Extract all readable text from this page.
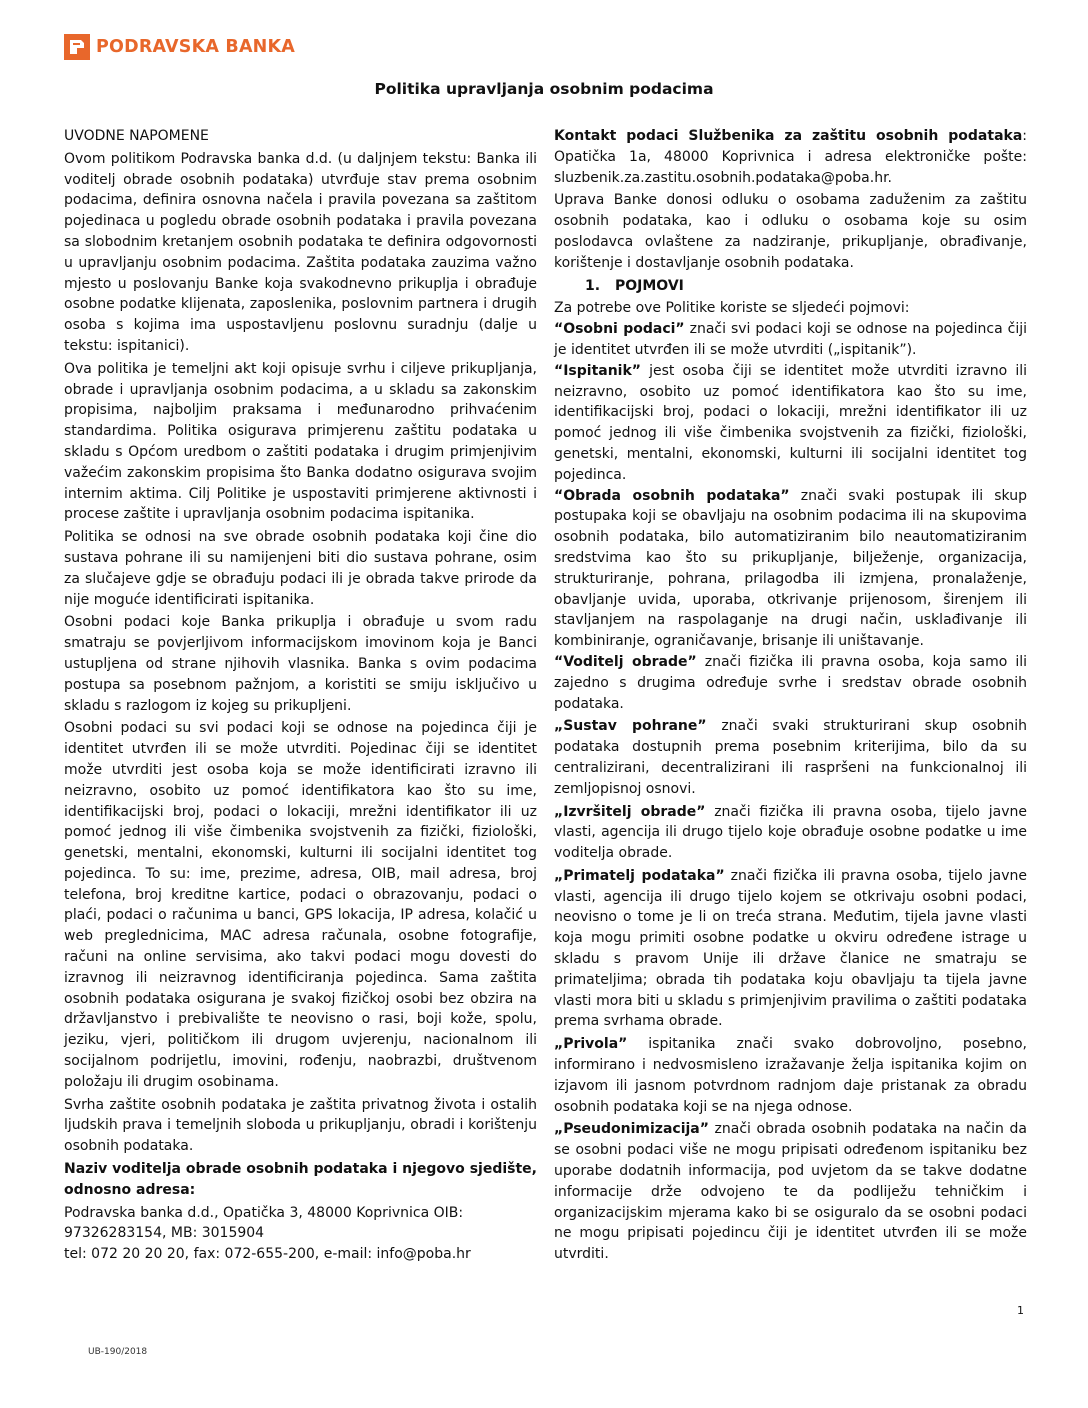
PODRAVSKA BANKA
Politika upravljanja osobnim podacima

UVODNE NAPOMENE

Ovom politikom Podravska banka d.d. (u daljnjem tekstu: Banka ili voditelj obrade osobnih podataka) utvrđuje stav prema osobnim podacima, definira osnovna načela i pravila povezana sa zaštitom pojedinaca u pogledu obrade osobnih podataka i pravila povezana sa slobodnim kretanjem osobnih podataka te definira odgovornosti u upravljanju osobnim podacima. Zaštita podataka zauzima važno mjesto u poslovanju Banke koja svakodnevno prikuplja i obrađuje osobne podatke klijenata, zaposlenika, poslovnim partnera i drugih osoba s kojima ima uspostavljenu poslovnu suradnju (dalje u tekstu: ispitanici).

Ova politika je temeljni akt koji opisuje svrhu i ciljeve prikupljanja, obrade i upravljanja osobnim podacima, a u skladu sa zakonskim propisima, najboljim praksama i međunarodno prihvaćenim standardima. Politika osigurava primjerenu zaštitu podataka u skladu s Općom uredbom o zaštiti podataka i drugim primjenjivim važećim zakonskim propisima što Banka dodatno osigurava svojim internim aktima. Cilj Politike je uspostaviti primjerene aktivnosti i procese zaštite i upravljanja osobnim podacima ispitanika.

Politika se odnosi na sve obrade osobnih podataka koji čine dio sustava pohrane ili su namijenjeni biti dio sustava pohrane, osim za slučajeve gdje se obrađuju podaci ili je obrada takve prirode da nije moguće identificirati ispitanika.

Osobni podaci koje Banka prikuplja i obrađuje u svom radu smatraju se povjerljivom informacijskom imovinom koja je Banci ustupljena od strane njihovih vlasnika. Banka s ovim podacima postupa sa posebnom pažnjom, a koristiti se smiju isključivo u skladu s razlogom iz kojeg su prikupljeni.

Osobni podaci su svi podaci koji se odnose na pojedinca čiji je identitet utvrđen ili se može utvrditi. Pojedinac čiji se identitet može utvrditi jest osoba koja se može identificirati izravno ili neizravno, osobito uz pomoć identifikatora kao što su ime, identifikacijski broj, podaci o lokaciji, mrežni identifikator ili uz pomoć jednog ili više čimbenika svojstvenih za fizički, fiziološki, genetski, mentalni, ekonomski, kulturni ili socijalni identitet tog pojedinca. To su: ime, prezime, adresa, OIB, mail adresa, broj telefona, broj kreditne kartice, podaci o obrazovanju, podaci o plaći, podaci o računima u banci, GPS lokacija, IP adresa, kolačić u web preglednicima, MAC adresa računala, osobne fotografije, računi na online servisima, ako takvi podaci mogu dovesti do izravnog ili neizravnog identificiranja pojedinca. Sama zaštita osobnih podataka osigurana je svakoj fizičkoj osobi bez obzira na državljanstvo i prebivalište te neovisno o rasi, boji kože, spolu, jeziku, vjeri, političkom ili drugom uvjerenju, nacionalnom ili socijalnom podrijetlu, imovini, rođenju, naobrazbi, društvenom položaju ili drugim osobinama.

Svrha zaštite osobnih podataka je zaštita privatnog života i ostalih ljudskih prava i temeljnih sloboda u prikupljanju, obradi i korištenju osobnih podataka.

Naziv voditelja obrade osobnih podataka i njegovo sjedište, odnosno adresa:

Podravska banka d.d., Opatička 3, 48000 Koprivnica OIB: 97326283154, MB: 3015904

tel: 072 20 20 20, fax: 072-655-200, e-mail: info@poba.hr

Kontakt podaci Službenika za zaštitu osobnih podataka: Opatička 1a, 48000 Koprivnica i adresa elektroničke pošte: sluzbenik.za.zastitu.osobnih.podataka@poba.hr.

Uprava Banke donosi odluku o osobama zaduženim za zaštitu osobnih podataka, kao i odluku o osobama koje su osim poslodavca ovlaštene za nadziranje, prikupljanje, obrađivanje, korištenje i dostavljanje osobnih podataka.

1. POJMOVI

Za potrebe ove Politike koriste se sljedeći pojmovi:

“Osobni podaci” znači svi podaci koji se odnose na pojedinca čiji je identitet utvrđen ili se može utvrditi („ispitanik”).

“Ispitanik” jest osoba čiji se identitet može utvrditi izravno ili neizravno, osobito uz pomoć identifikatora kao što su ime, identifikacijski broj, podaci o lokaciji, mrežni identifikator ili uz pomoć jednog ili više čimbenika svojstvenih za fizički, fiziološki, genetski, mentalni, ekonomski, kulturni ili socijalni identitet tog pojedinca.

“Obrada osobnih podataka” znači svaki postupak ili skup postupaka koji se obavljaju na osobnim podacima ili na skupovima osobnih podataka, bilo automatiziranim bilo neautomatiziranim sredstvima kao što su prikupljanje, bilježenje, organizacija, strukturiranje, pohrana, prilagodba ili izmjena, pronalaženje, obavljanje uvida, uporaba, otkrivanje prijenosom, širenjem ili stavljanjem na raspolaganje na drugi način, usklađivanje ili kombiniranje, ograničavanje, brisanje ili uništavanje.

“Voditelj obrade” znači fizička ili pravna osoba, koja samo ili zajedno s drugima određuje svrhe i sredstav obrade osobnih podataka.

„Sustav pohrane” znači svaki strukturirani skup osobnih podataka dostupnih prema posebnim kriterijima, bilo da su centralizirani, decentralizirani ili raspršeni na funkcionalnoj ili zemljopisnoj osnovi.

„Izvršitelj obrade” znači fizička ili pravna osoba, tijelo javne vlasti, agencija ili drugo tijelo koje obrađuje osobne podatke u ime voditelja obrade.

„Primatelj podataka” znači fizička ili pravna osoba, tijelo javne vlasti, agencija ili drugo tijelo kojem se otkrivaju osobni podaci, neovisno o tome je li on treća strana. Međutim, tijela javne vlasti koja mogu primiti osobne podatke u okviru određene istrage u skladu s pravom Unije ili države članice ne smatraju se primateljima; obrada tih podataka koju obavljaju ta tijela javne vlasti mora biti u skladu s primjenjivim pravilima o zaštiti podataka prema svrhama obrade.

„Privola” ispitanika znači svako dobrovoljno, posebno, informirano i nedvosmisleno izražavanje želja ispitanika kojim on izjavom ili jasnom potvrdnom radnjom daje pristanak za obradu osobnih podataka koji se na njega odnose.

„Pseudonimizacija” znači obrada osobnih podataka na način da se osobni podaci više ne mogu pripisati određenom ispitaniku bez uporabe dodatnih informacija, pod uvjetom da se takve dodatne informacije drže odvojeno te da podliježu tehničkim i organizacijskim mjerama kako bi se osiguralo da se osobni podaci ne mogu pripisati pojedincu čiji je identitet utvrđen ili se može utvrditi.

1
UB-190/2018
